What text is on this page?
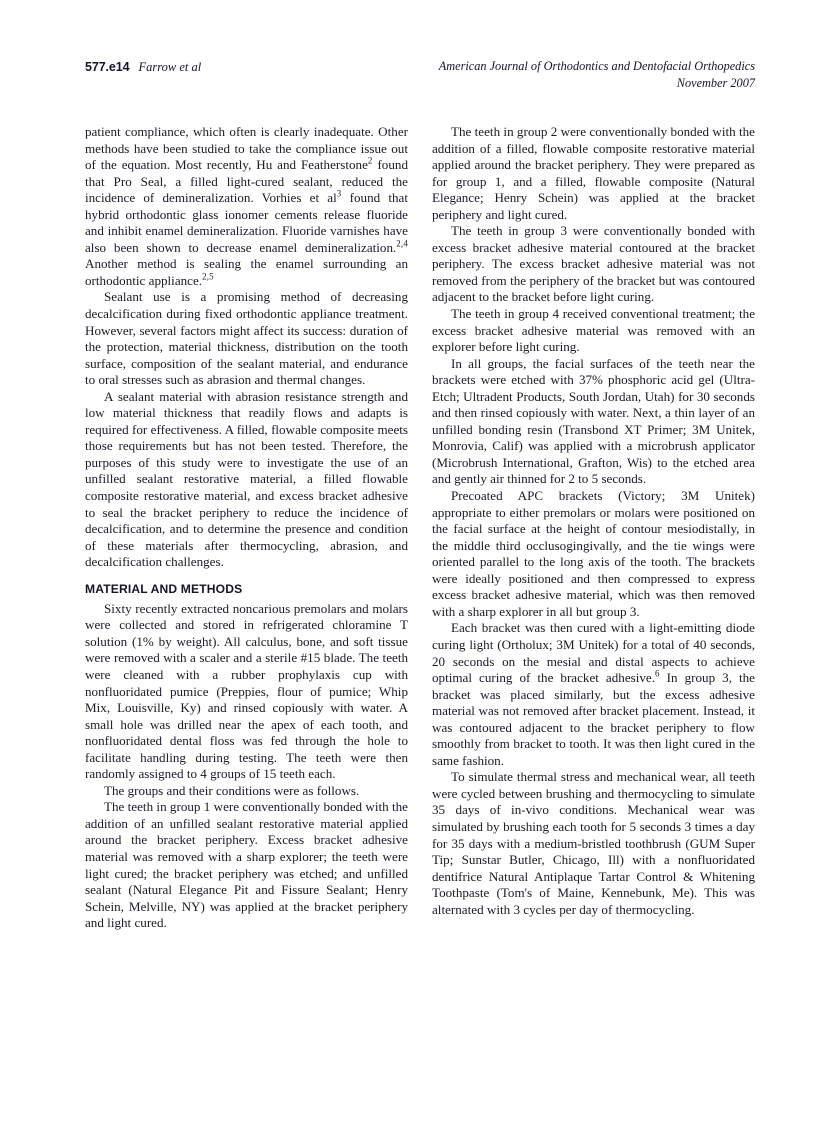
577.e14 Farrow et al	American Journal of Orthodontics and Dentofacial Orthopedics
November 2007

patient compliance, which often is clearly inadequate. Other methods have been studied to take the compliance issue out of the equation. Most recently, Hu and Featherstone$^2$ found that Pro Seal, a filled light-cured sealant, reduced the incidence of demineralization. Vorhies et al$^3$ found that hybrid orthodontic glass ionomer cements release fluoride and inhibit enamel demineralization. Fluoride varnishes have also been shown to decrease enamel demineralization.$^{2,4}$ Another method is sealing the enamel surrounding an orthodontic appliance.$^{2,5}$

Sealant use is a promising method of decreasing decalcification during fixed orthodontic appliance treatment. However, several factors might affect its success: duration of the protection, material thickness, distribution on the tooth surface, composition of the sealant material, and endurance to oral stresses such as abrasion and thermal changes.

A sealant material with abrasion resistance strength and low material thickness that readily flows and adapts is required for effectiveness. A filled, flowable composite meets those requirements but has not been tested. Therefore, the purposes of this study were to investigate the use of an unfilled sealant restorative material, a filled flowable composite restorative material, and excess bracket adhesive to seal the bracket periphery to reduce the incidence of decalcification, and to determine the presence and condition of these materials after thermocycling, abrasion, and decalcification challenges.

MATERIAL AND METHODS

Sixty recently extracted noncarious premolars and molars were collected and stored in refrigerated chloramine T solution (1% by weight). All calculus, bone, and soft tissue were removed with a scaler and a sterile #15 blade. The teeth were cleaned with a rubber prophylaxis cup with nonfluoridated pumice (Preppies, flour of pumice; Whip Mix, Louisville, Ky) and rinsed copiously with water. A small hole was drilled near the apex of each tooth, and nonfluoridated dental floss was fed through the hole to facilitate handling during testing. The teeth were then randomly assigned to 4 groups of 15 teeth each.

The groups and their conditions were as follows.

The teeth in group 1 were conventionally bonded with the addition of an unfilled sealant restorative material applied around the bracket periphery. Excess bracket adhesive material was removed with a sharp explorer; the teeth were light cured; the bracket periphery was etched; and unfilled sealant (Natural Elegance Pit and Fissure Sealant; Henry Schein, Melville, NY) was applied at the bracket periphery and light cured.

The teeth in group 2 were conventionally bonded with the addition of a filled, flowable composite restorative material applied around the bracket periphery. They were prepared as for group 1, and a filled, flowable composite (Natural Elegance; Henry Schein) was applied at the bracket periphery and light cured.

The teeth in group 3 were conventionally bonded with excess bracket adhesive material contoured at the bracket periphery. The excess bracket adhesive material was not removed from the periphery of the bracket but was contoured adjacent to the bracket before light curing.

The teeth in group 4 received conventional treatment; the excess bracket adhesive material was removed with an explorer before light curing.

In all groups, the facial surfaces of the teeth near the brackets were etched with 37% phosphoric acid gel (Ultra-Etch; Ultradent Products, South Jordan, Utah) for 30 seconds and then rinsed copiously with water. Next, a thin layer of an unfilled bonding resin (Transbond XT Primer; 3M Unitek, Monrovia, Calif) was applied with a microbrush applicator (Microbrush International, Grafton, Wis) to the etched area and gently air thinned for 2 to 5 seconds.

Precoated APC brackets (Victory; 3M Unitek) appropriate to either premolars or molars were positioned on the facial surface at the height of contour mesiodistally, in the middle third occlusogingivally, and the tie wings were oriented parallel to the long axis of the tooth. The brackets were ideally positioned and then compressed to express excess bracket adhesive material, which was then removed with a sharp explorer in all but group 3.

Each bracket was then cured with a light-emitting diode curing light (Ortholux; 3M Unitek) for a total of 40 seconds, 20 seconds on the mesial and distal aspects to achieve optimal curing of the bracket adhesive.$^6$ In group 3, the bracket was placed similarly, but the excess adhesive material was not removed after bracket placement. Instead, it was contoured adjacent to the bracket periphery to flow smoothly from bracket to tooth. It was then light cured in the same fashion.

To simulate thermal stress and mechanical wear, all teeth were cycled between brushing and thermocycling to simulate 35 days of in-vivo conditions. Mechanical wear was simulated by brushing each tooth for 5 seconds 3 times a day for 35 days with a medium-bristled toothbrush (GUM Super Tip; Sunstar Butler, Chicago, Ill) with a nonfluoridated dentifrice Natural Antiplaque Tartar Control & Whitening Toothpaste (Tom's of Maine, Kennebunk, Me). This was alternated with 3 cycles per day of thermocycling.
